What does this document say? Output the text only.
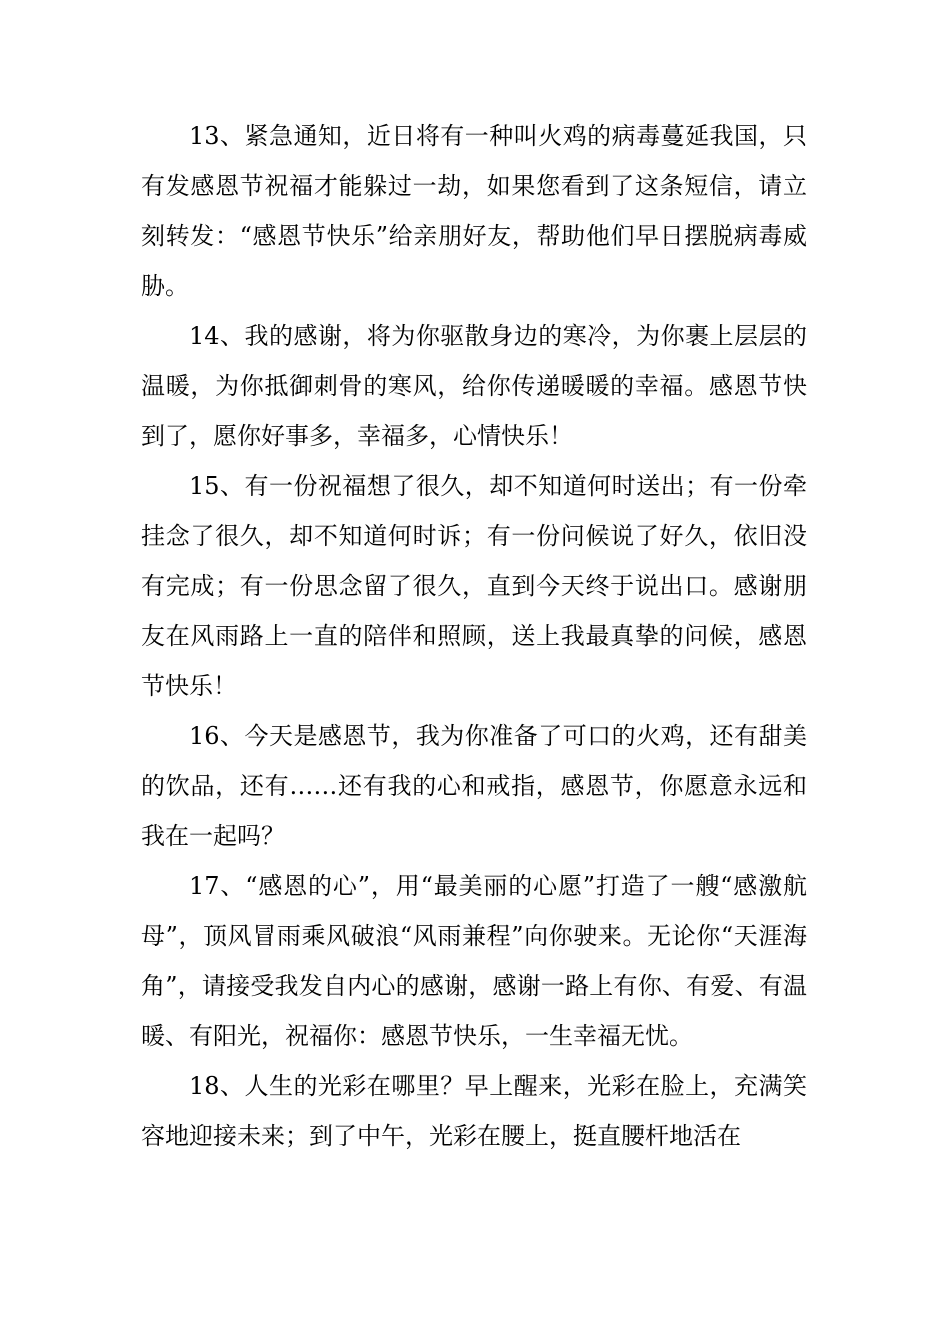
13、紧急通知，近日将有一种叫火鸡的病毒蔓延我国，只有发感恩节祝福才能躲过一劫，如果您看到了这条短信，请立刻转发：“感恩节快乐”给亲朋好友，帮助他们早日摆脱病毒威胁。

14、我的感谢，将为你驱散身边的寒冷，为你裹上层层的温暖，为你抵御刺骨的寒风，给你传递暖暖的幸福。感恩节快到了，愿你好事多，幸福多，心情快乐！

15、有一份祝福想了很久，却不知道何时送出；有一份牵挂念了很久，却不知道何时诉；有一份问候说了好久，依旧没有完成；有一份思念留了很久，直到今天终于说出口。感谢朋友在风雨路上一直的陪伴和照顾，送上我最真挚的问候，感恩节快乐！

16、今天是感恩节，我为你准备了可口的火鸡，还有甜美的饮品，还有……还有我的心和戒指，感恩节，你愿意永远和我在一起吗？

17、“感恩的心”，用“最美丽的心愿”打造了一艘“感激航母”，顶风冒雨乘风破浪“风雨兼程”向你驶来。无论你“天涯海角”，请接受我发自内心的感谢，感谢一路上有你、有爱、有温暖、有阳光，祝福你：感恩节快乐，一生幸福无忧。

18、人生的光彩在哪里？早上醒来，光彩在脸上，充满笑容地迎接未来；到了中午，光彩在腰上，挺直腰杆地活在
